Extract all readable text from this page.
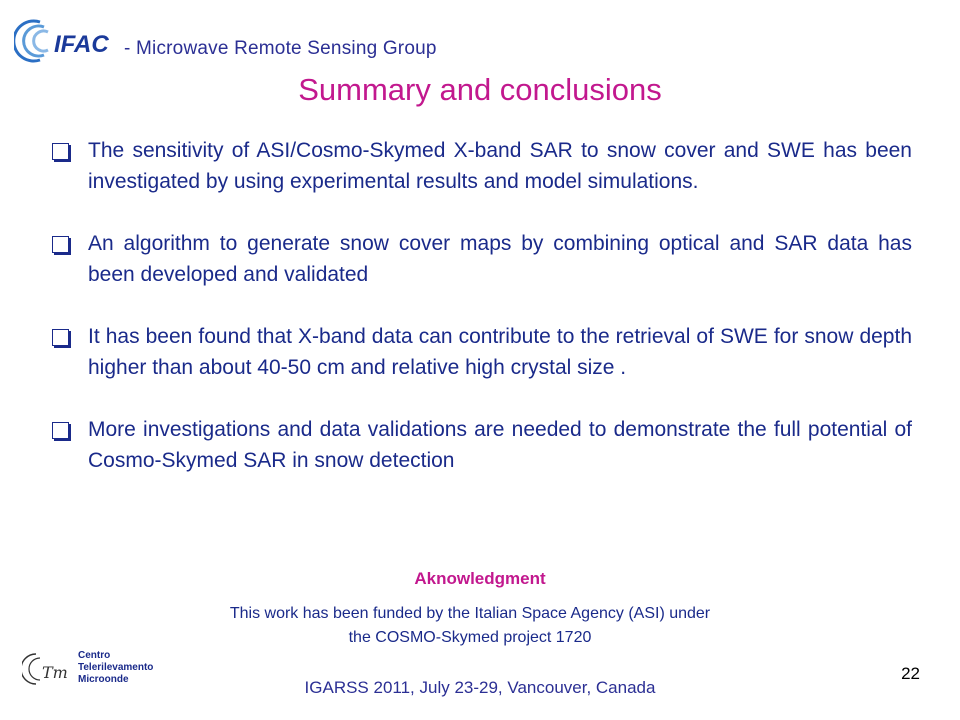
IFAC - Microwave Remote Sensing Group
Summary and conclusions
The sensitivity of ASI/Cosmo-Skymed X-band SAR to snow cover and SWE has been investigated by using experimental results and model simulations.
An algorithm to generate snow cover maps by combining optical and SAR data has been developed and validated
It has been found that X-band data can contribute to the retrieval of SWE for snow depth higher than about 40-50 cm and relative high crystal size .
More investigations and data validations are needed to demonstrate the full potential of Cosmo-Skymed SAR in snow detection
Aknowledgment
This work has been funded by the Italian Space Agency (ASI) under
the COSMO-Skymed project 1720
Tm
Centro
Telerilevamento
Microonde	IGARSS 2011, July 23-29, Vancouver, Canada
22
